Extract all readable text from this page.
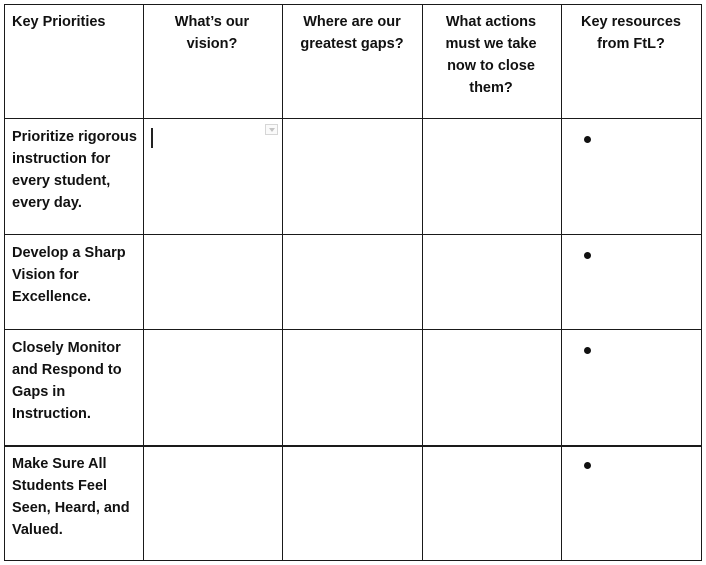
Key Priorities	What’s our vision?
Where are our greatest gaps?
What actions must we take now to close them?
Key resources from FtL?
Prioritize rigorous instruction for every student, every day.
Develop a Sharp Vision for Excellence.
Closely Monitor and Respond to Gaps in Instruction.
Make Sure All Students Feel Seen, Heard, and Valued.
